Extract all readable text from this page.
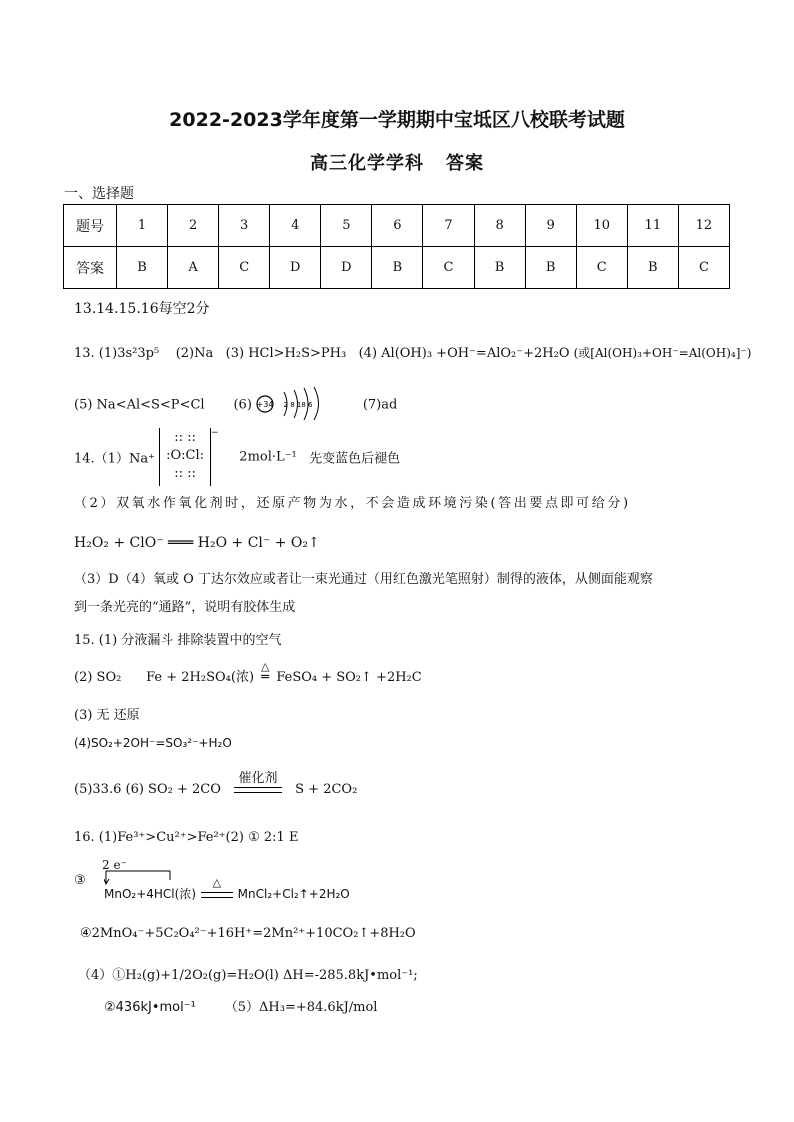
2022-2023学年度第一学期期中宝坻区八校联考试题
高三化学学科 答案
一、选择题
题号	1	2	3	4	5	6	7	8	9	10	11	12
答案	B	A	C	D	D	B	C	B	B	C	B	C
13.14.15.16每空2分
13. (1)3s²3p⁵ (2)Na (3) HCl>H₂S>PH₃ (4) Al(OH)₃ +OH⁻=AlO₂⁻+2H₂O (或[Al(OH)₃+OH⁻=Al(OH)₄]⁻)
(5) Na<Al<S<P<Cl (6) +34 2 8 18 6	(7)ad
14.（1）Na⁺
:: ::
:O:Cl:
:: ::
−     2mol·L⁻¹ 先变蓝色后褪色
（2）双氧水作氧化剂时，还原产物为水，不会造成环境污染(答出要点即可给分)
H₂O₂ + ClO⁻ ═══ H₂O + Cl⁻ + O₂↑
（3）D（4）氧或 O 丁达尔效应或者让一束光通过（用红色激光笔照射）制得的液体，从侧面能观察
到一条光亮的“通路”，说明有胶体生成
15. (1) 分液漏斗 排除装置中的空气
(2) SO₂ Fe + 2H₂SO₄(浓)
△
═ FeSO₄ + SO₂↑ +2H₂C
(3) 无 还原
(4)SO₂+2OH⁻=SO₃²⁻+H₂O
(5)33.6 (6) SO₂ + 2CO
催化剂
S + 2CO₂
16. (1)Fe³⁺>Cu²⁺>Fe²⁺(2) ① 2:1 E
2 e⁻
③
MnO₂+4HCl(浓)
△
MnCl₂+Cl₂↑+2H₂O
④2MnO₄⁻+5C₂O₄²⁻+16H⁺=2Mn²⁺+10CO₂↑+8H₂O
（4）①H₂(g)+1/2O₂(g)=H₂O(l) ΔH=-285.8kJ•mol⁻¹;
②436kJ•mol⁻¹ （5）ΔH₃=+84.6kJ/mol
